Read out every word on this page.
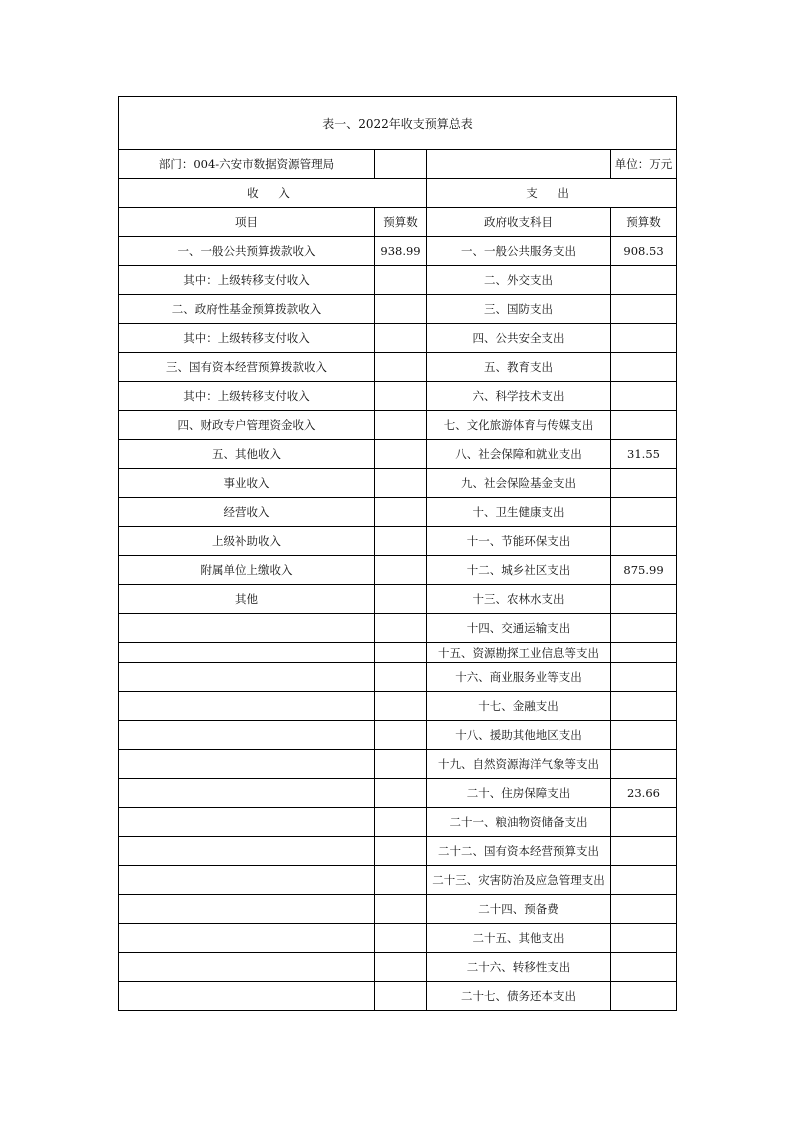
表一、2022年收支预算总表			
部门：004-六安市数据资源管理局			单位：万元
收 入		支 出	
项目	预算数	政府收支科目	预算数
一、一般公共预算拨款收入	938.99	一、一般公共服务支出	908.53
其中：上级转移支付收入		二、外交支出	
二、政府性基金预算拨款收入		三、国防支出	
其中：上级转移支付收入		四、公共安全支出	
三、国有资本经营预算拨款收入		五、教育支出	
其中：上级转移支付收入		六、科学技术支出	
四、财政专户管理资金收入		七、文化旅游体育与传媒支出	
五、其他收入		八、社会保障和就业支出	31.55
事业收入		九、社会保险基金支出	
经营收入		十、卫生健康支出	
上级补助收入		十一、节能环保支出	
附属单位上缴收入		十二、城乡社区支出	875.99
其他		十三、农林水支出	
		十四、交通运输支出	
		十五、资源勘探工业信息等支出	
		十六、商业服务业等支出	
		十七、金融支出	
		十八、援助其他地区支出	
		十九、自然资源海洋气象等支出	
		二十、住房保障支出	23.66
		二十一、粮油物资储备支出	
		二十二、国有资本经营预算支出	
		二十三、灾害防治及应急管理支出	
		二十四、预备费	
		二十五、其他支出	
		二十六、转移性支出	
		二十七、债务还本支出	
